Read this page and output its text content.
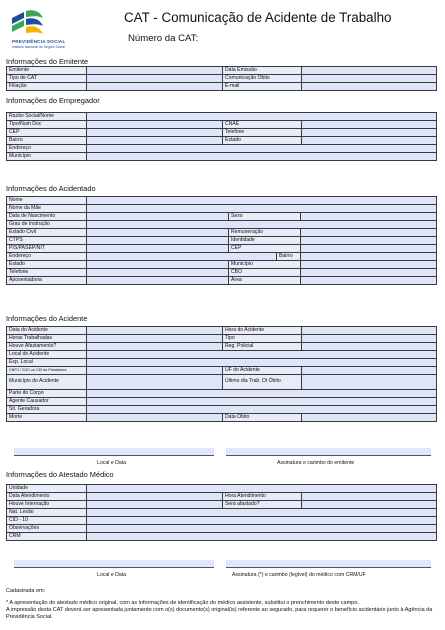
PREVIDÊNCIA SOCIAL
Instituto Nacional do Seguro Social
CAT - Comunicação de Acidente de Trabalho
Número da CAT:
Informações do Emitente
Emitente		Data Emissão	
Tipo de CAT		Comunicação Óbito	
Filiação		E-mail	
Informações do Empregador
Razão Social/Nome			
Tipo/Num Doc		CNAE	
CEP		Telefone	
Bairro		Estado	
Endereço			
Município			
Informações do Acidentado
Nome				
Nome da Mãe				
Data de Nascimento		Sexo		
Grau de Instrução				
Estado Civil		Remuneração		
CTPS		Identidade		
PIS/PASEP/NIT		CEP		
Endereço			Bairro	
Estado		Município		
Telefone		CBO		
Aposentadoria		Área		
Informações do Acidente
Data do Acidente		Hora do Acidente	
Horas Trabalhadas		Tipo	
Houve Afastamento?		Reg. Policial	
Local do Acidente			
Esp. Local			
CNPJ / CGC ou CEI do Prestadora		UF do Acidente	
Município do Acidente		Último dia Trab. Dt Óbito	
Parte do Corpo			
Agente Causador			
Sit. Geradora			
Morte		Data Óbito	
Local e Data	Assinatura e carimbo do emitente
Informações do Atestado Médico
Unidade			
Data Atendimento		Hora Atendimento	
Houve Internação		Será afastado?	
Nat. Lesão			
CID - 10			
Observações			
CRM			
Local e Data	Assinatura (*) e carimbo (legível) do médico com CRM/UF
Cadastrada em:
* A apresentação do atestado médico original, com as informações de identificação do médico assistente, substitui o prenchimento deste campo.
A impressão desta CAT deverá ser apresentada juntamente com o(s) documento(s) original(is) referente ao segurado, para requerer o benefício acidentário junto à Agência da Previdência Social.
